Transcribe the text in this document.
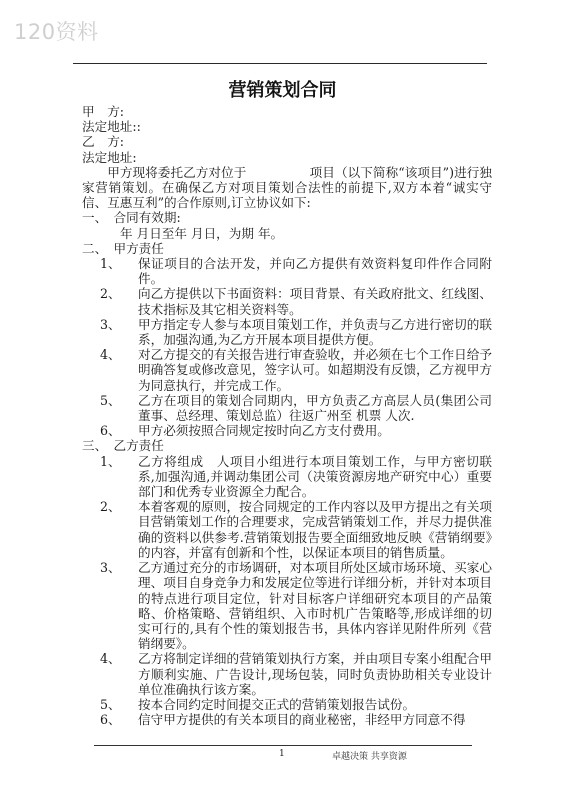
120资料
营销策划合同
甲　方:
法定地址::
乙　方:
法定地址:
甲方现将委托乙方对位于　　　　　项目（以下简称“该项目”)进行独家营销策划。在确保乙方对项目策划合法性的前提下,双方本着“诚实守信、互惠互利”的合作原则,订立协议如下:
一、　合同有效期:
年 月日至年 月日，为期 年。
二、　甲方责任
1、	保证项目的合法开发，并向乙方提供有效资料复印件作合同附件。
2、	向乙方提供以下书面资料：项目背景、有关政府批文、红线图、技术指标及其它相关资料等。
3、	甲方指定专人参与本项目策划工作，并负责与乙方进行密切的联系，加强沟通,为乙方开展本项目提供方便。
4、	对乙方提交的有关报告进行审查验收，并必须在七个工作日给予明确答复或修改意见，签字认可。如超期没有反馈，乙方视甲方为同意执行，并完成工作。
5、	乙方在项目的策划合同期内，甲方负责乙方高层人员(集团公司董事、总经理、策划总监）往返广州至 机票 人次.
6、	甲方必须按照合同规定按时向乙方支付费用。
三、　乙方责任
1、	乙方将组成　人项目小组进行本项目策划工作，与甲方密切联系,加强沟通,并调动集团公司（决策资源房地产研究中心）重要部门和优秀专业资源全力配合。
2、	本着客观的原则，按合同规定的工作内容以及甲方提出之有关项目营销策划工作的合理要求，完成营销策划工作，并尽力提供准确的资料以供参考.营销策划报告要全面细致地反映《营销纲要》的内容，并富有创新和个性，以保证本项目的销售质量。
3、	乙方通过充分的市场调研，对本项目所处区域市场环境、买家心理、项目自身竞争力和发展定位等进行详细分析，并针对本项目的特点进行项目定位，针对目标客户详细研究本项目的产品策略、价格策略、营销组织、入市时机广告策略等,形成详细的切实可行的,具有个性的策划报告书，具体内容详见附件所列《营销纲要》。
4、	乙方将制定详细的营销策划执行方案，并由项目专案小组配合甲方顺利实施、广告设计,现场包装，同时负责协助相关专业设计单位准确执行该方案。
5、	按本合同约定时间提交正式的营销策划报告试份。
6、	信守甲方提供的有关本项目的商业秘密，非经甲方同意不得
1	卓越决策 共享资源
